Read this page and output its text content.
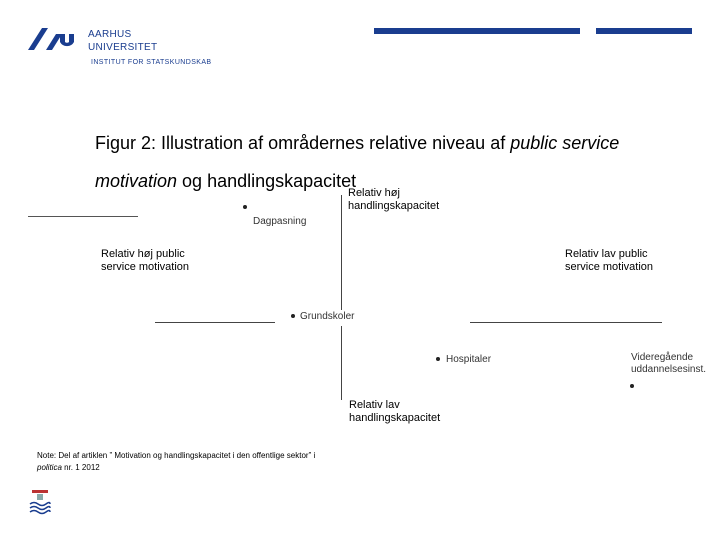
AARHUS
UNIVERSITET
INSTITUT FOR STATSKUNDSKAB
Figur 2: Illustration af områdernes relative niveau af public service motivation og handlingskapacitet
Relativ høj
handlingskapacitet
Relativ høj public
service motivation
Relativ lav public
service motivation
Relativ lav
handlingskapacitet
Dagpasning
Grundskoler
Hospitaler	Videregående
uddannelsesinst.
Note: Del af artiklen ” Motivation og handlingskapacitet i den offentlige sektor” i
politica nr. 1 2012
